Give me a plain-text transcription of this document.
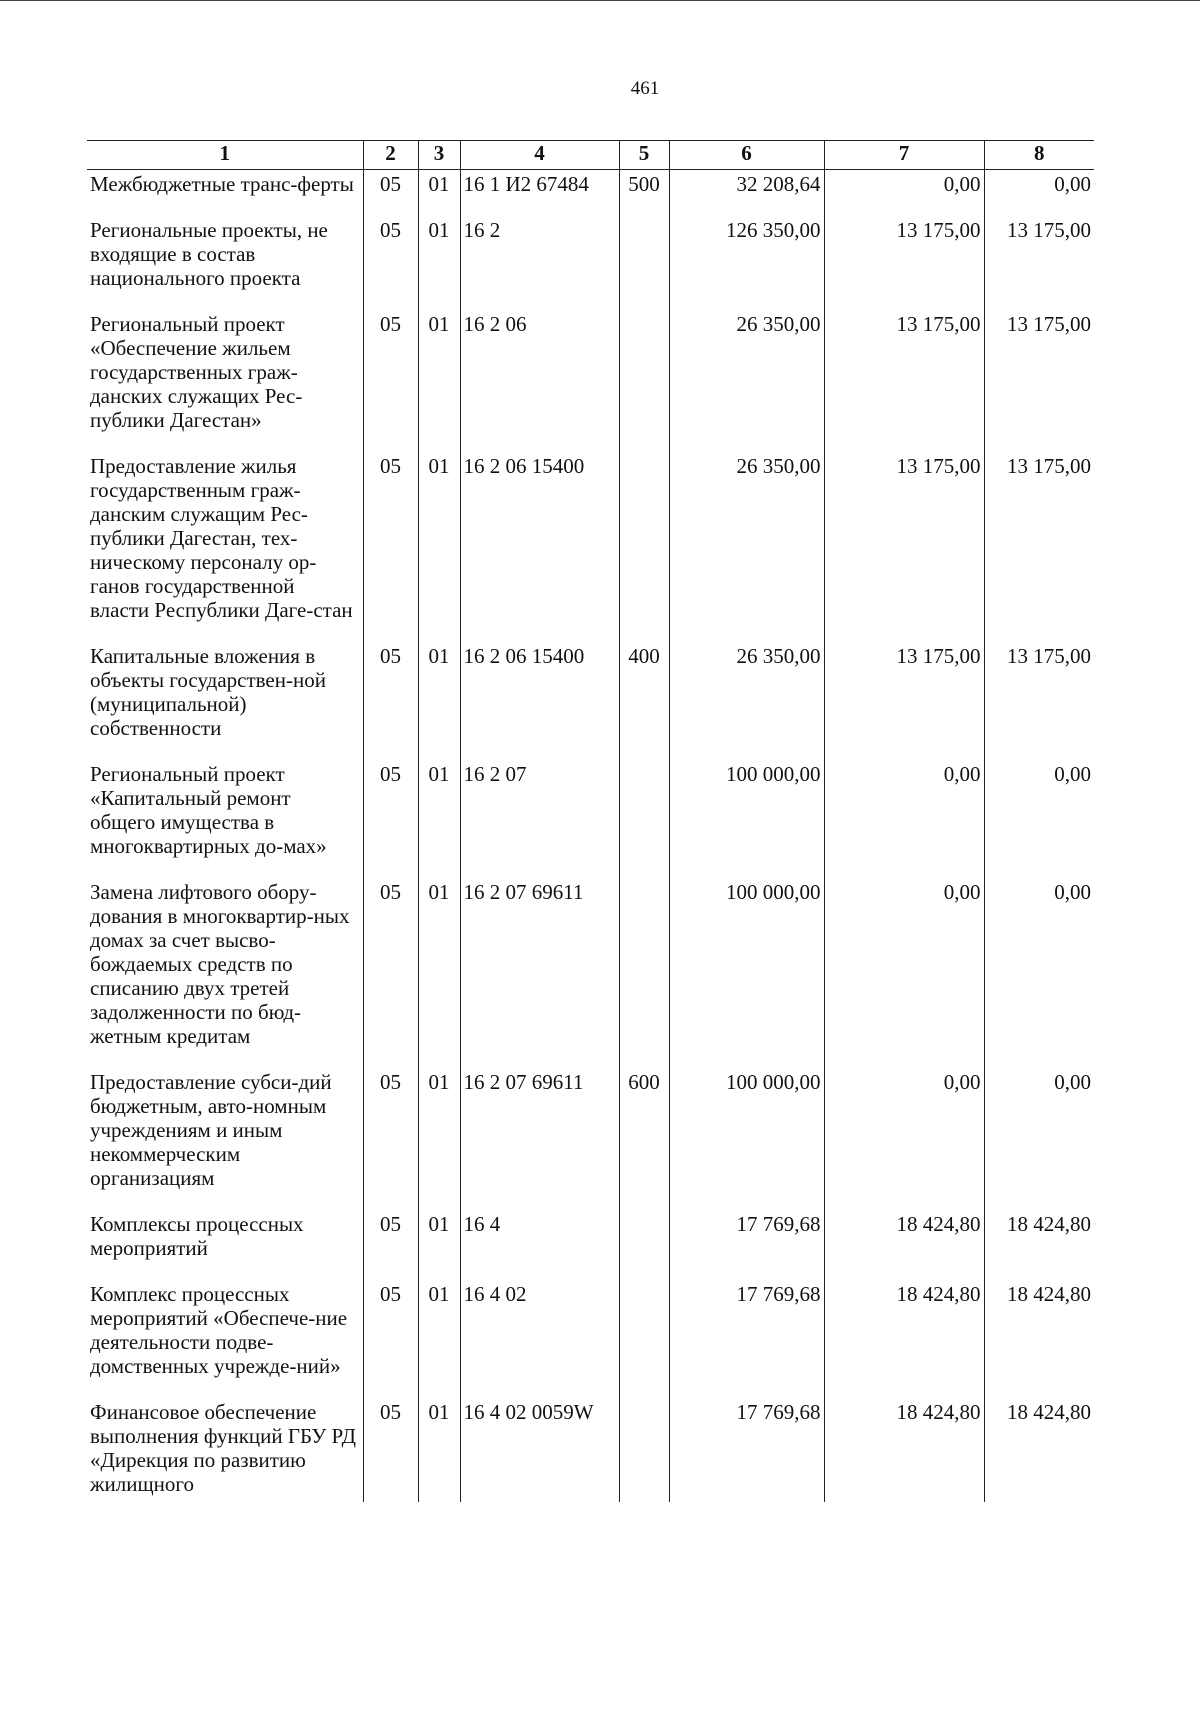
461
1	2	3	4	5	6	7	8
Межбюджетные транс-ферты	05	01	16 1 И2 67484	500	32 208,64	0,00	0,00
Региональные проекты, не входящие в состав национального проекта	05	01	16 2		126 350,00	13 175,00	13 175,00
Региональный проект «Обеспечение жильем государственных граж-данских служащих Рес-публики Дагестан»	05	01	16 2 06		26 350,00	13 175,00	13 175,00
Предоставление жилья государственным граж-данским служащим Рес-публики Дагестан, тех-ническому персоналу ор-ганов государственной власти Республики Даге-стан	05	01	16 2 06 15400		26 350,00	13 175,00	13 175,00
Капитальные вложения в объекты государствен-ной (муниципальной) собственности	05	01	16 2 06 15400	400	26 350,00	13 175,00	13 175,00
Региональный проект «Капитальный ремонт общего имущества в многоквартирных до-мах»	05	01	16 2 07		100 000,00	0,00	0,00
Замена лифтового обору-дования в многоквартир-ных домах за счет высво-бождаемых средств по списанию двух третей задолженности по бюд-жетным кредитам	05	01	16 2 07 69611		100 000,00	0,00	0,00
Предоставление субси-дий бюджетным, авто-номным учреждениям и иным некоммерческим организациям	05	01	16 2 07 69611	600	100 000,00	0,00	0,00
Комплексы процессных мероприятий	05	01	16 4		17 769,68	18 424,80	18 424,80
Комплекс процессных мероприятий «Обеспече-ние деятельности подве-домственных учрежде-ний»	05	01	16 4 02		17 769,68	18 424,80	18 424,80
Финансовое обеспечение выполнения функций ГБУ РД «Дирекция по развитию жилищного	05	01	16 4 02 0059W		17 769,68	18 424,80	18 424,80
